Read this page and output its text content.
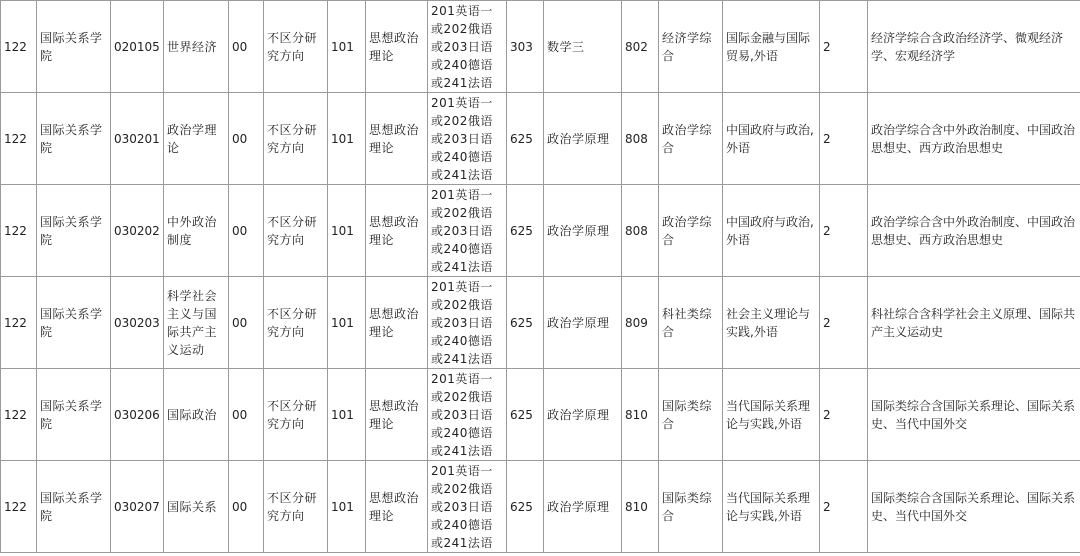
122	国际关系学院	020105	世界经济	00	不区分研究方向	101	思想政治理论	201英语一或202俄语或203日语或240德语或241法语	303	数学三	802	经济学综合	国际金融与国际贸易,外语	2	经济学综合含政治经济学、微观经济学、宏观经济学
122	国际关系学院	030201	政治学理论	00	不区分研究方向	101	思想政治理论	201英语一或202俄语或203日语或240德语或241法语	625	政治学原理	808	政治学综合	中国政府与政治,外语	2	政治学综合含中外政治制度、中国政治思想史、西方政治思想史
122	国际关系学院	030202	中外政治制度	00	不区分研究方向	101	思想政治理论	201英语一或202俄语或203日语或240德语或241法语	625	政治学原理	808	政治学综合	中国政府与政治,外语	2	政治学综合含中外政治制度、中国政治思想史、西方政治思想史
122	国际关系学院	030203	科学社会主义与国际共产主义运动	00	不区分研究方向	101	思想政治理论	201英语一或202俄语或203日语或240德语或241法语	625	政治学原理	809	科社类综合	社会主义理论与实践,外语	2	科社综合含科学社会主义原理、国际共产主义运动史
122	国际关系学院	030206	国际政治	00	不区分研究方向	101	思想政治理论	201英语一或202俄语或203日语或240德语或241法语	625	政治学原理	810	国际类综合	当代国际关系理论与实践,外语	2	国际类综合含国际关系理论、国际关系史、当代中国外交
122	国际关系学院	030207	国际关系	00	不区分研究方向	101	思想政治理论	201英语一或202俄语或203日语或240德语或241法语	625	政治学原理	810	国际类综合	当代国际关系理论与实践,外语	2	国际类综合含国际关系理论、国际关系史、当代中国外交
